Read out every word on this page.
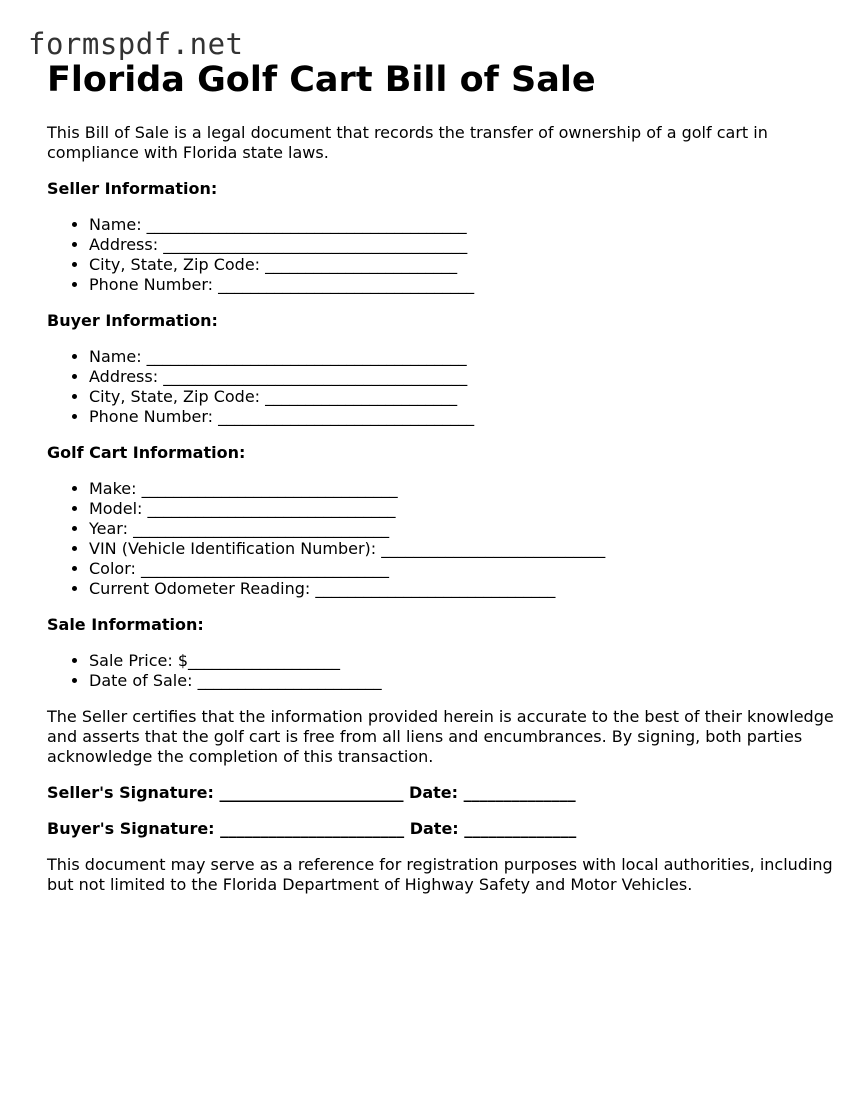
formspdf.net
Florida Golf Cart Bill of Sale

This Bill of Sale is a legal document that records the transfer of ownership of a golf cart in compliance with Florida state laws.

Seller Information:
• Name: ________________________________________
• Address: ______________________________________
• City, State, Zip Code: ________________________
• Phone Number: ________________________________
Buyer Information:
• Name: ________________________________________
• Address: ______________________________________
• City, State, Zip Code: ________________________
• Phone Number: ________________________________
Golf Cart Information:
• Make: ________________________________
• Model: _______________________________
• Year: ________________________________
• VIN (Vehicle Identification Number): ____________________________
• Color: _______________________________
• Current Odometer Reading: ______________________________
Sale Information:
• Sale Price: $___________________
• Date of Sale: _______________________

The Seller certifies that the information provided herein is accurate to the best of their knowledge and asserts that the golf cart is free from all liens and encumbrances. By signing, both parties acknowledge the completion of this transaction.

Seller's Signature: _______________________ Date: ______________
Buyer's Signature: _______________________ Date: ______________

This document may serve as a reference for registration purposes with local authorities, including but not limited to the Florida Department of Highway Safety and Motor Vehicles.
